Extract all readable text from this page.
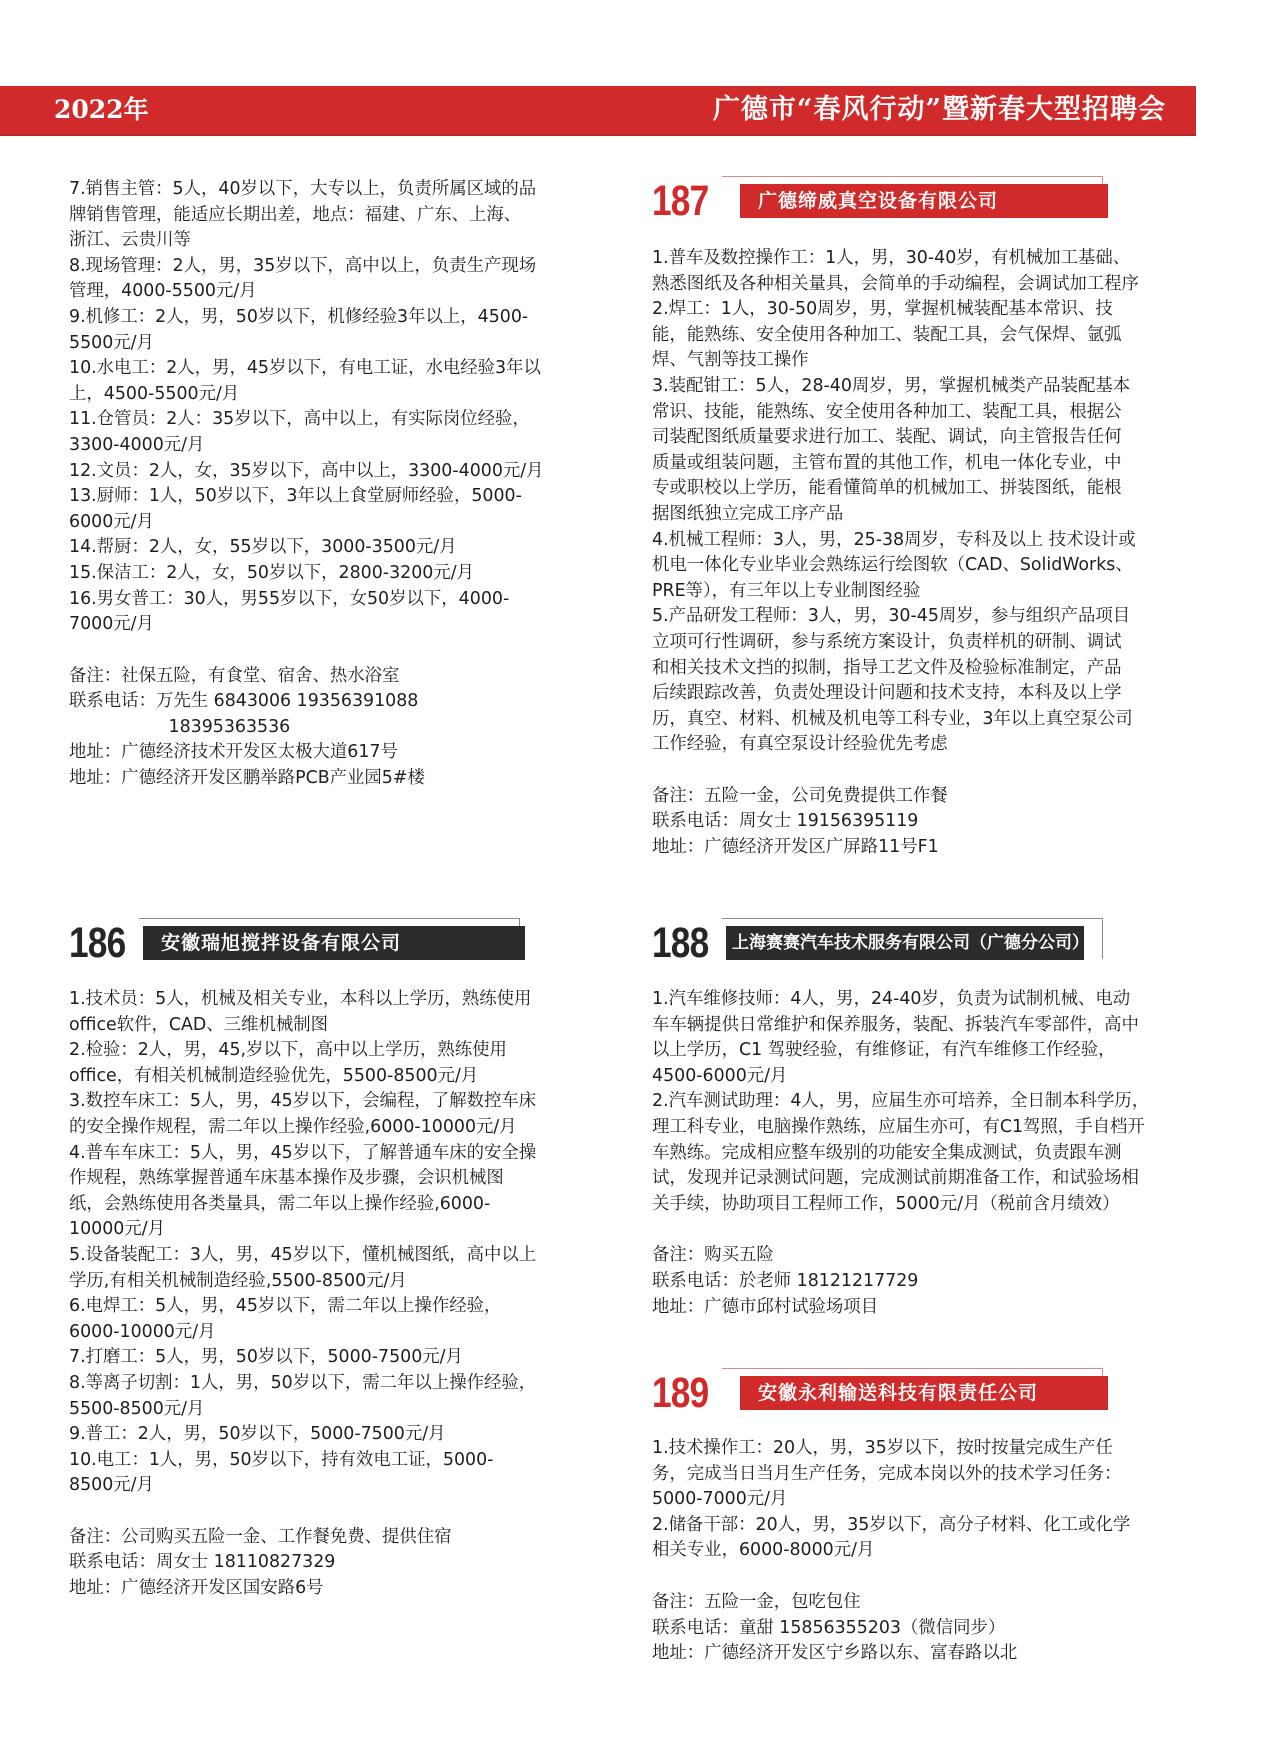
2022年	广德市“春风行动”暨新春大型招聘会

7.销售主管：5人，40岁以下，大专以上，负责所属区域的品

牌销售管理，能适应长期出差，地点：福建、广东、上海、

浙江、云贵川等

8.现场管理：2人，男，35岁以下，高中以上，负责生产现场

管理，4000-5500元/月

9.机修工：2人，男，50岁以下，机修经验3年以上，4500-

5500元/月

10.水电工：2人，男，45岁以下，有电工证，水电经验3年以

上，4500-5500元/月

11.仓管员：2人：35岁以下，高中以上，有实际岗位经验，

3300-4000元/月

12.文员：2人，女，35岁以下，高中以上，3300-4000元/月

13.厨师：1人，50岁以下，3年以上食堂厨师经验，5000-

6000元/月

14.帮厨：2人，女，55岁以下，3000-3500元/月

15.保洁工：2人，女，50岁以下，2800-3200元/月

16.男女普工：30人，男55岁以下，女50岁以下，4000-

7000元/月

备注：社保五险，有食堂、宿舍、热水浴室

联系电话：万先生 6843006 19356391088

18395363536

地址：广德经济技术开发区太极大道617号

地址：广德经济开发区鹏举路PCB产业园5#楼

187	广德缔威真空设备有限公司

1.普车及数控操作工：1人，男，30-40岁，有机械加工基础、

熟悉图纸及各种相关量具，会简单的手动编程，会调试加工程序

2.焊工：1人，30-50周岁，男，掌握机械装配基本常识、技

能，能熟练、安全使用各种加工、装配工具，会气保焊、氩弧

焊、气割等技工操作

3.装配钳工：5人，28-40周岁，男，掌握机械类产品装配基本

常识、技能，能熟练、安全使用各种加工、装配工具，根据公

司装配图纸质量要求进行加工、装配、调试，向主管报告任何

质量或组装问题，主管布置的其他工作，机电一体化专业，中

专或职校以上学历，能看懂简单的机械加工、拼装图纸，能根

据图纸独立完成工序产品

4.机械工程师：3人，男，25-38周岁，专科及以上 技术设计或

机电一体化专业毕业会熟练运行绘图软（CAD、SolidWorks、

PRE等），有三年以上专业制图经验

5.产品研发工程师：3人，男，30-45周岁，参与组织产品项目

立项可行性调研，参与系统方案设计，负责样机的研制、调试

和相关技术文挡的拟制，指导工艺文件及检验标准制定，产品

后续跟踪改善，负责处理设计问题和技术支持，本科及以上学

历，真空、材料、机械及机电等工科专业，3年以上真空泵公司

工作经验，有真空泵设计经验优先考虑

备注：五险一金，公司免费提供工作餐

联系电话：周女士 19156395119

地址：广德经济开发区广屏路11号F1

186	安徽瑞旭搅拌设备有限公司

1.技术员：5人，机械及相关专业，本科以上学历，熟练使用

office软件，CAD、三维机械制图

2.检验：2人，男，45,岁以下，高中以上学历，熟练使用

office，有相关机械制造经验优先，5500-8500元/月

3.数控车床工：5人，男，45岁以下，会编程，了解数控车床

的安全操作规程，需二年以上操作经验,6000-10000元/月

4.普车车床工：5人，男，45岁以下，了解普通车床的安全操

作规程，熟练掌握普通车床基本操作及步骤，会识机械图

纸，会熟练使用各类量具，需二年以上操作经验,6000-

10000元/月

5.设备装配工：3人，男，45岁以下，懂机械图纸，高中以上

学历,有相关机械制造经验,5500-8500元/月

6.电焊工：5人，男，45岁以下，需二年以上操作经验，

6000-10000元/月

7.打磨工：5人，男，50岁以下，5000-7500元/月

8.等离子切割：1人，男，50岁以下，需二年以上操作经验，

5500-8500元/月

9.普工：2人，男，50岁以下，5000-7500元/月

10.电工：1人，男，50岁以下，持有效电工证，5000-

8500元/月

备注：公司购买五险一金、工作餐免费、提供住宿

联系电话：周女士 18110827329

地址：广德经济开发区国安路6号

188	上海赛赛汽车技术服务有限公司（广德分公司）

1.汽车维修技师：4人，男，24-40岁，负责为试制机械、电动

车车辆提供日常维护和保养服务，装配、拆装汽车零部件，高中

以上学历，C1 驾驶经验，有维修证，有汽车维修工作经验，

4500-6000元/月

2.汽车测试助理：4人，男，应届生亦可培养，全日制本科学历，

理工科专业，电脑操作熟练，应届生亦可，有C1驾照，手自档开

车熟练。完成相应整车级别的功能安全集成测试，负责跟车测

试，发现并记录测试问题，完成测试前期准备工作，和试验场相

关手续，协助项目工程师工作，5000元/月（税前含月绩效）

备注：购买五险

联系电话：於老师 18121217729

地址：广德市邱村试验场项目

189	安徽永利输送科技有限责任公司

1.技术操作工：20人，男，35岁以下，按时按量完成生产任

务，完成当日当月生产任务，完成本岗以外的技术学习任务：

5000-7000元/月

2.储备干部：20人，男，35岁以下，高分子材料、化工或化学

相关专业，6000-8000元/月

备注：五险一金，包吃包住

联系电话：童甜 15856355203（微信同步）

地址：广德经济开发区宁乡路以东、富春路以北
